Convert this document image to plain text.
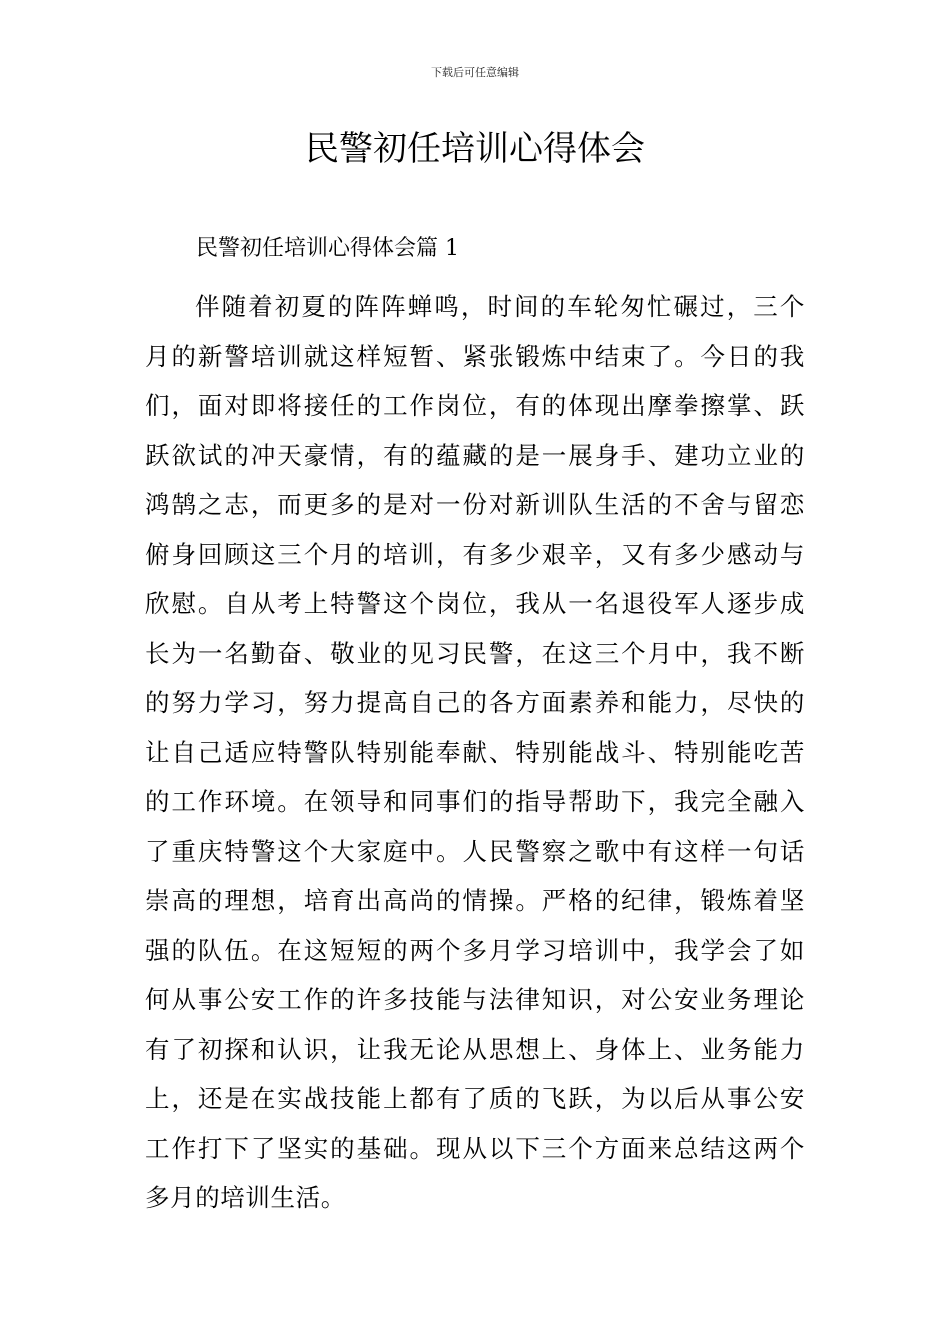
下载后可任意编辑
民警初任培训心得体会
民警初任培训心得体会篇 1
伴随着初夏的阵阵蝉鸣，时间的车轮匆忙碾过，三个
月的新警培训就这样短暂、紧张锻炼中结束了。今日的我
们，面对即将接任的工作岗位，有的体现出摩拳擦掌、跃
跃欲试的冲天豪情，有的蕴藏的是一展身手、建功立业的
鸿鹄之志，而更多的是对一份对新训队生活的不舍与留恋
俯身回顾这三个月的培训，有多少艰辛，又有多少感动与
欣慰。自从考上特警这个岗位，我从一名退役军人逐步成
长为一名勤奋、敬业的见习民警，在这三个月中，我不断
的努力学习，努力提高自己的各方面素养和能力，尽快的
让自己适应特警队特别能奉献、特别能战斗、特别能吃苦
的工作环境。在领导和同事们的指导帮助下，我完全融入
了重庆特警这个大家庭中。人民警察之歌中有这样一句话
崇高的理想，培育出高尚的情操。严格的纪律，锻炼着坚
强的队伍。在这短短的两个多月学习培训中，我学会了如
何从事公安工作的许多技能与法律知识，对公安业务理论
有了初探和认识，让我无论从思想上、身体上、业务能力
上，还是在实战技能上都有了质的飞跃，为以后从事公安
工作打下了坚实的基础。现从以下三个方面来总结这两个
多月的培训生活。
